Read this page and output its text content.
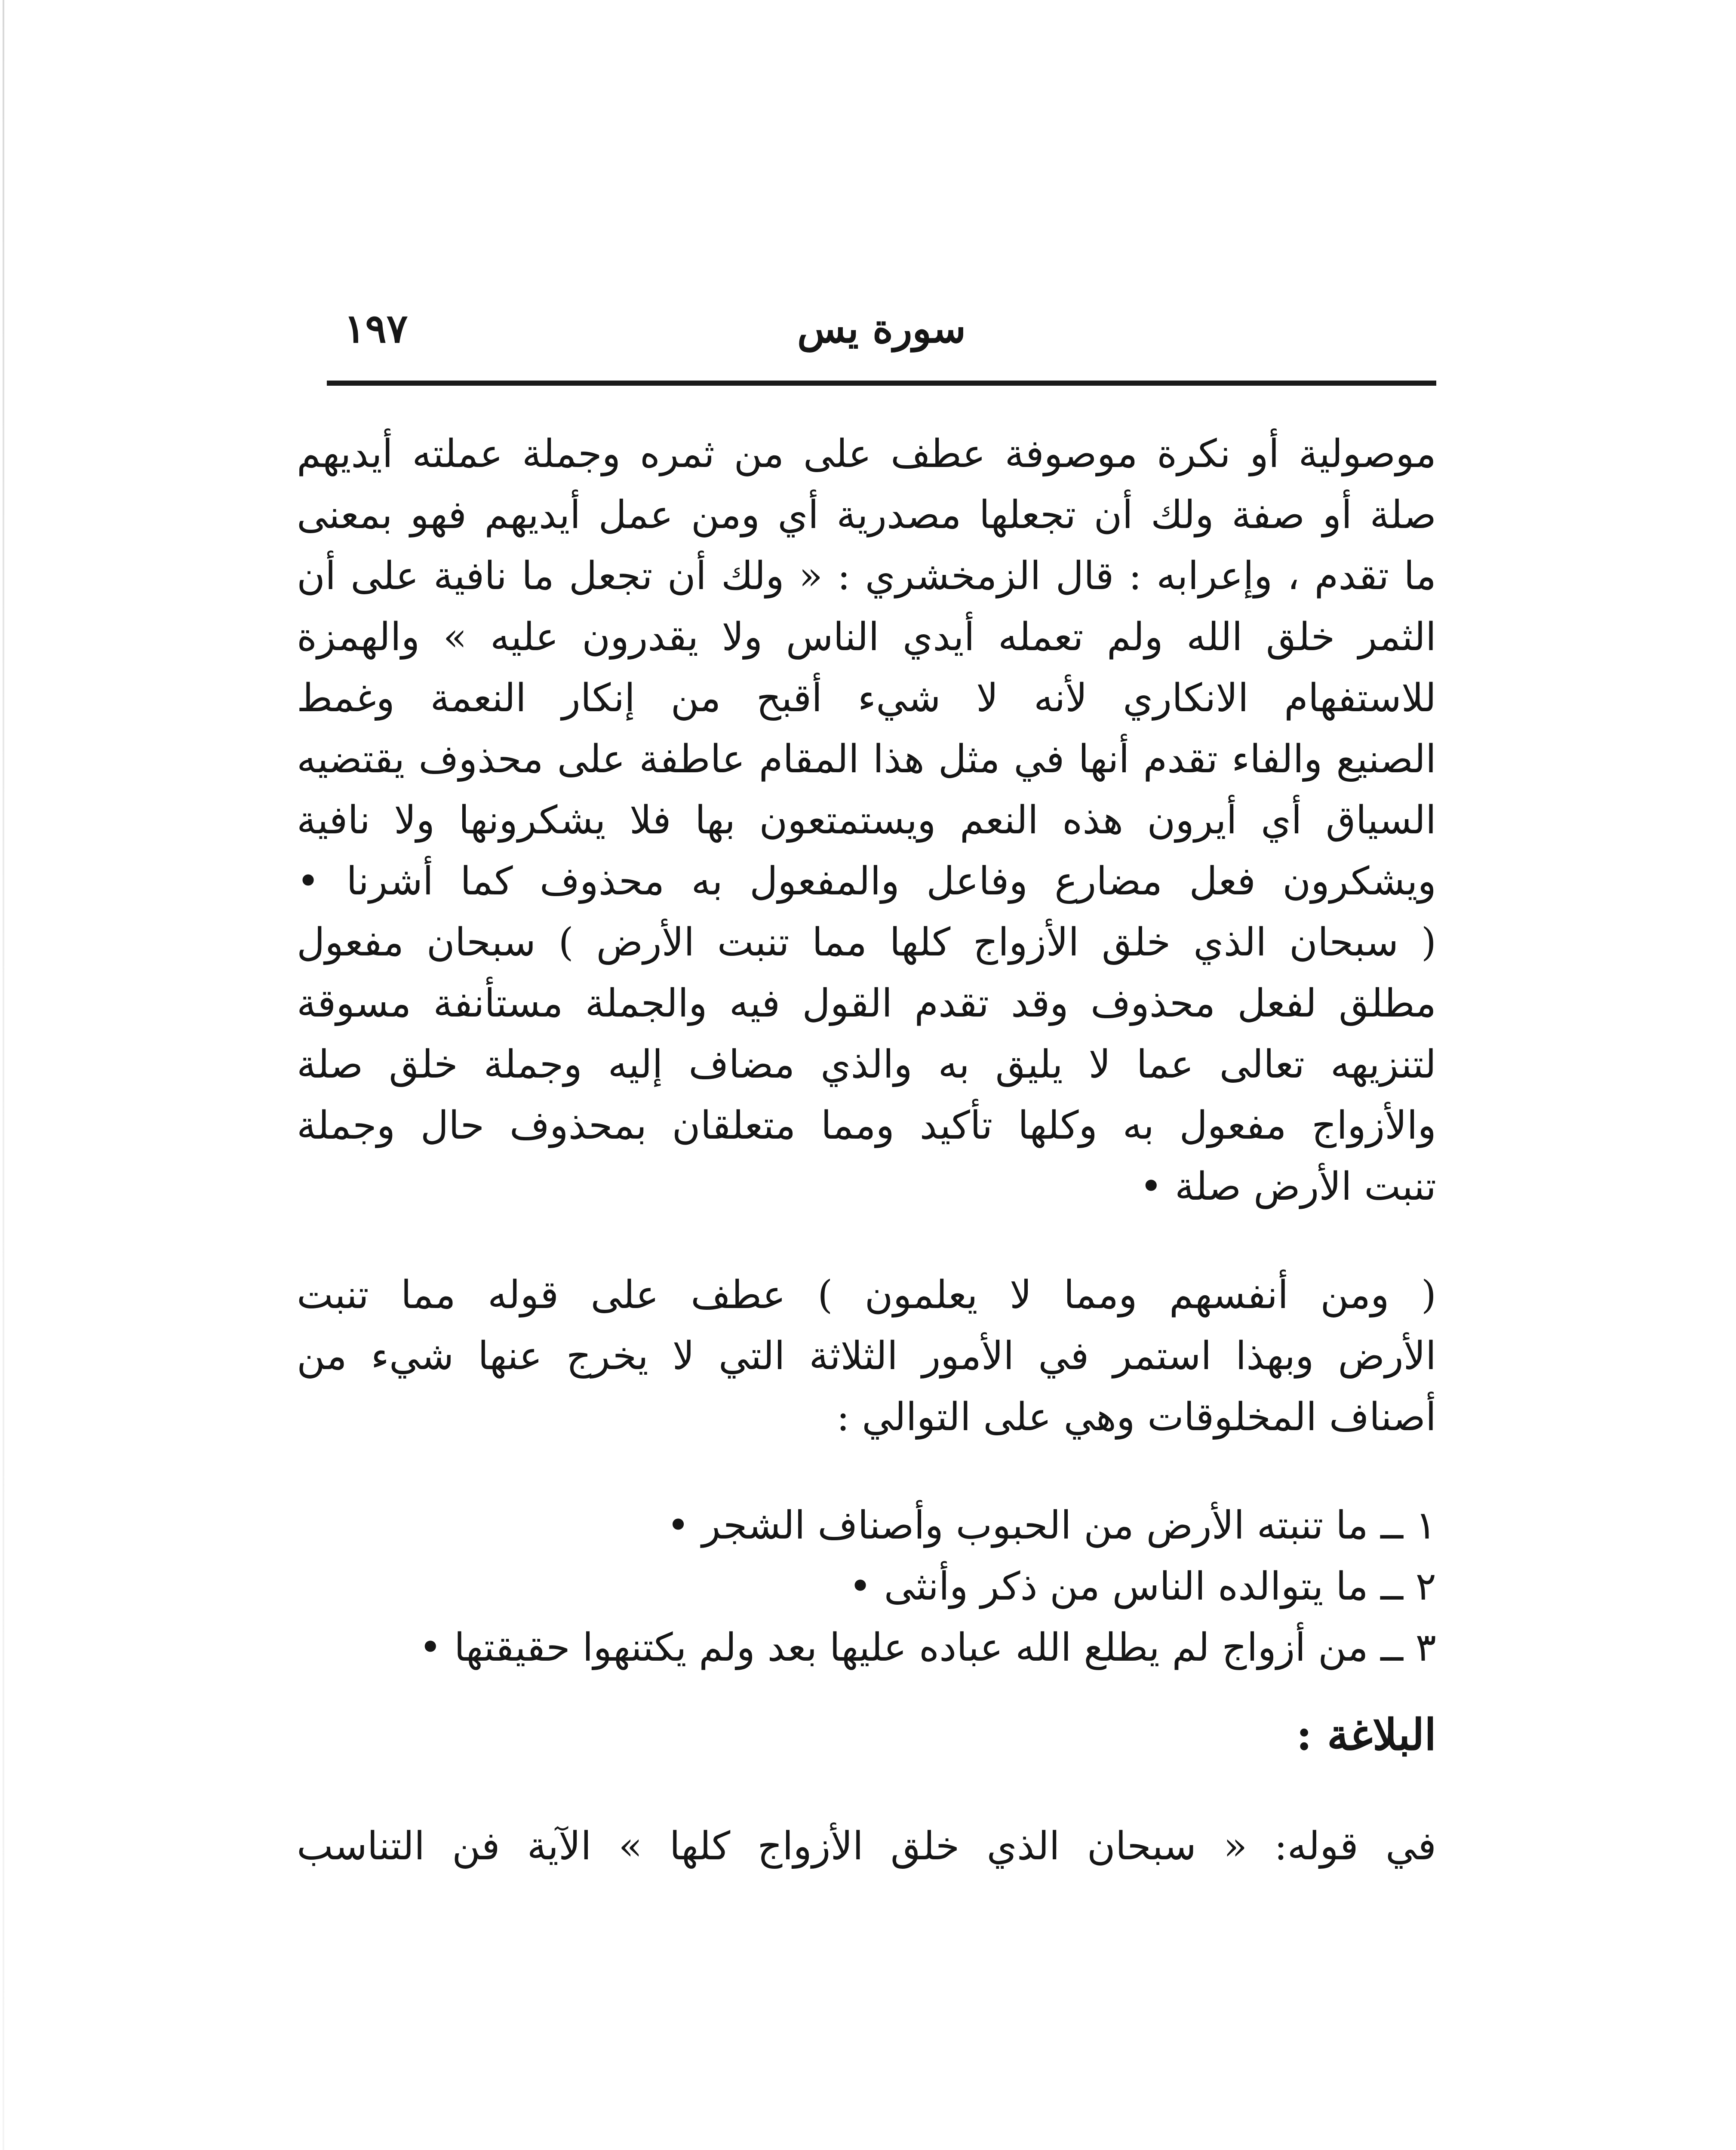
سورة يس
١٩٧
موصولية أو نكرة موصوفة عطف على من ثمره وجملة عملته أيديهم
صلة أو صفة ولك أن تجعلها مصدرية أي ومن عمل أيديهم فهو بمعنى
ما تقدم ، وإعرابه : قال الزمخشري : « ولك أن تجعل ما نافية على أن
الثمر خلق الله ولم تعمله أيدي الناس ولا يقدرون عليه » والهمزة
للاستفهام الانكاري لأنه لا شيء أقبح من إنكار النعمة وغمط
الصنيع والفاء تقدم أنها في مثل هذا المقام عاطفة على محذوف يقتضيه
السياق أي أيرون هذه النعم ويستمتعون بها فلا يشكرونها ولا نافية
ويشكرون فعل مضارع وفاعل والمفعول به محذوف كما أشرنا •
( سبحان الذي خلق الأزواج كلها مما تنبت الأرض ) سبحان مفعول
مطلق لفعل محذوف وقد تقدم القول فيه والجملة مستأنفة مسوقة
لتنزيهه تعالى عما لا يليق به والذي مضاف إليه وجملة خلق صلة
والأزواج مفعول به وكلها تأكيد ومما متعلقان بمحذوف حال وجملة
تنبت الأرض صلة •
( ومن أنفسهم ومما لا يعلمون ) عطف على قوله مما تنبت
الأرض وبهذا استمر في الأمور الثلاثة التي لا يخرج عنها شيء من
أصناف المخلوقات وهي على التوالي :
١ ــ ما تنبته الأرض من الحبوب وأصناف الشجر •
٢ ــ ما يتوالده الناس من ذكر وأنثى •
٣ ــ من أزواج لم يطلع الله عباده عليها بعد ولم يكتنهوا حقيقتها •
البلاغة :
في قوله: « سبحان الذي خلق الأزواج كلها » الآية فن التناسب
